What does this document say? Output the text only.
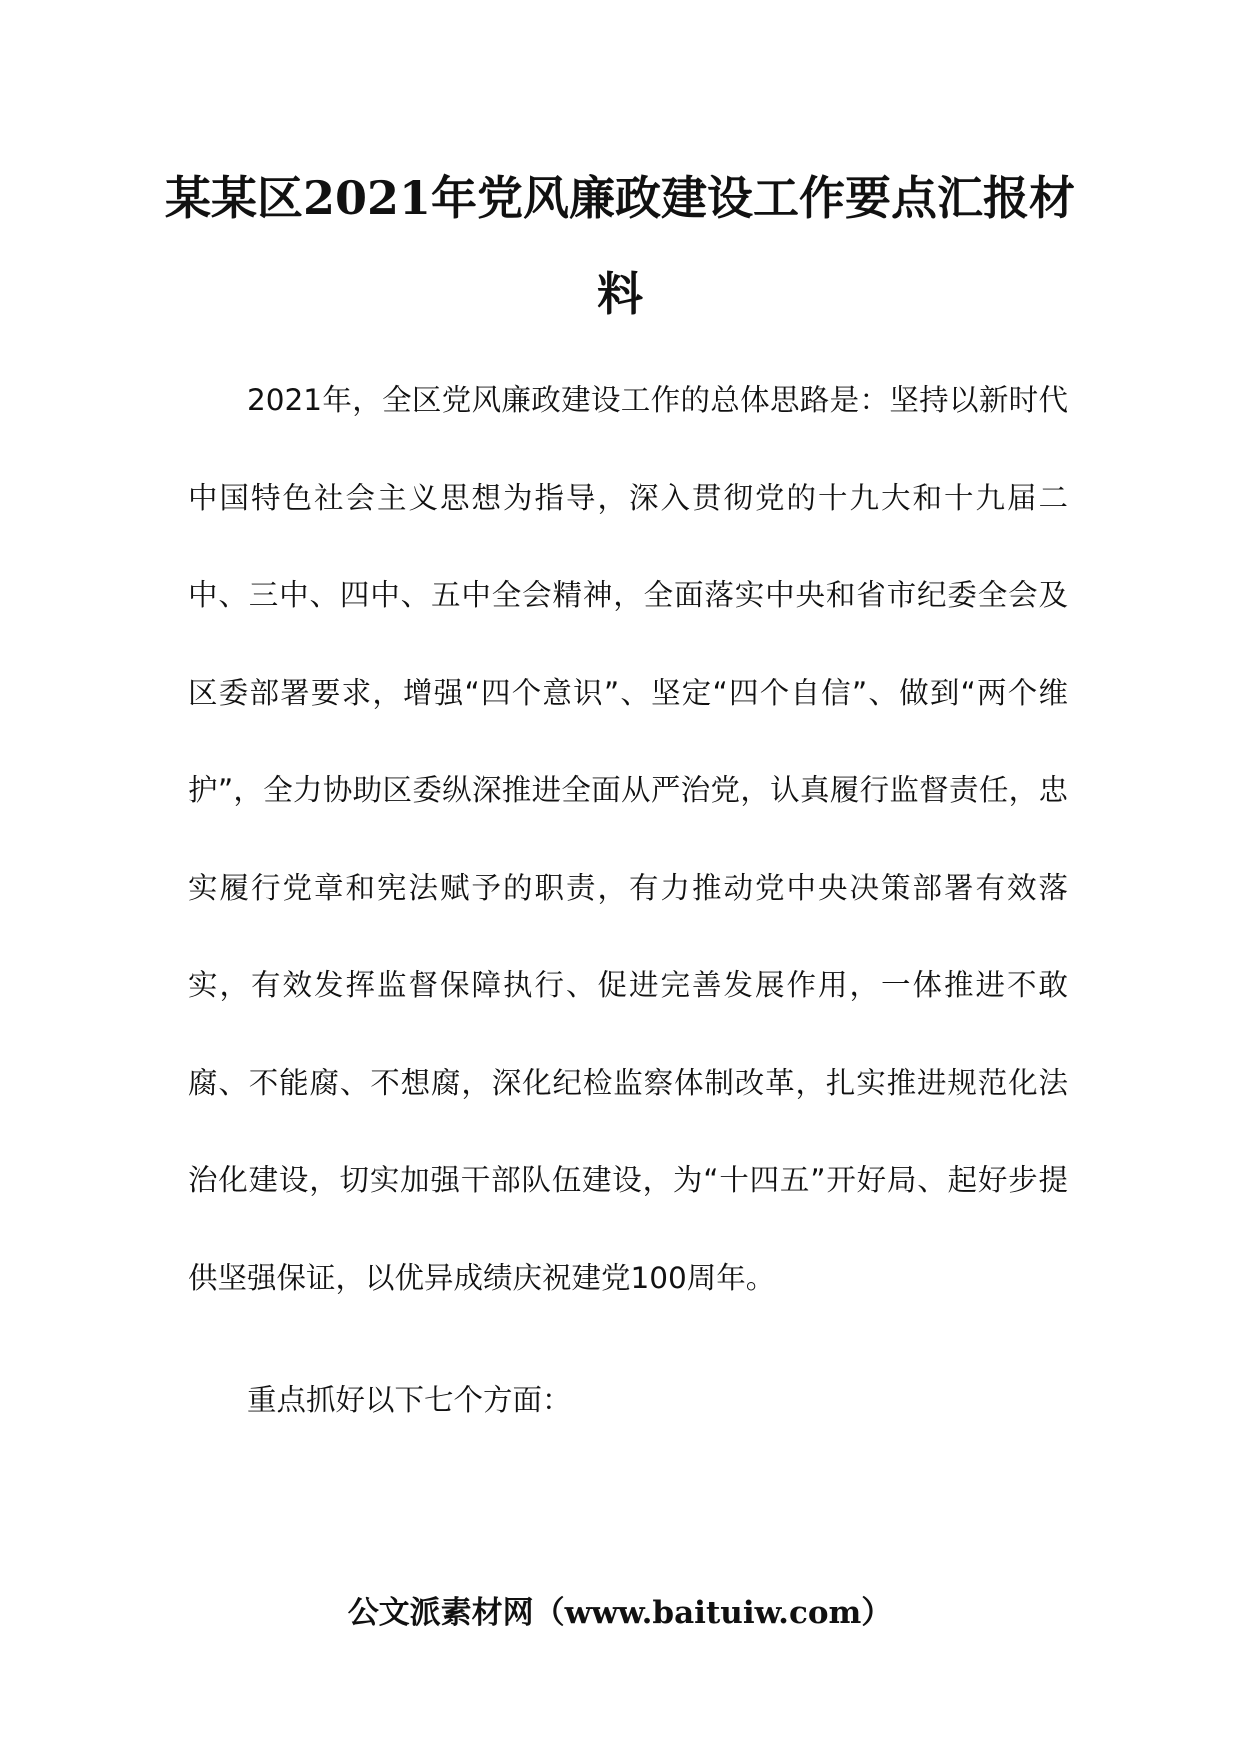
某某区2021年党风廉政建设工作要点汇报材料

2021年，全区党风廉政建设工作的总体思路是：坚持以新时代中国特色社会主义思想为指导，深入贯彻党的十九大和十九届二中、三中、四中、五中全会精神，全面落实中央和省市纪委全会及区委部署要求，增强“四个意识”、坚定“四个自信”、做到“两个维护”，全力协助区委纵深推进全面从严治党，认真履行监督责任，忠实履行党章和宪法赋予的职责，有力推动党中央决策部署有效落实，有效发挥监督保障执行、促进完善发展作用，一体推进不敢腐、不能腐、不想腐，深化纪检监察体制改革，扎实推进规范化法治化建设，切实加强干部队伍建设，为“十四五”开好局、起好步提供坚强保证，以优异成绩庆祝建党100周年。

重点抓好以下七个方面：

公文派素材网（www.baituiw.com）
